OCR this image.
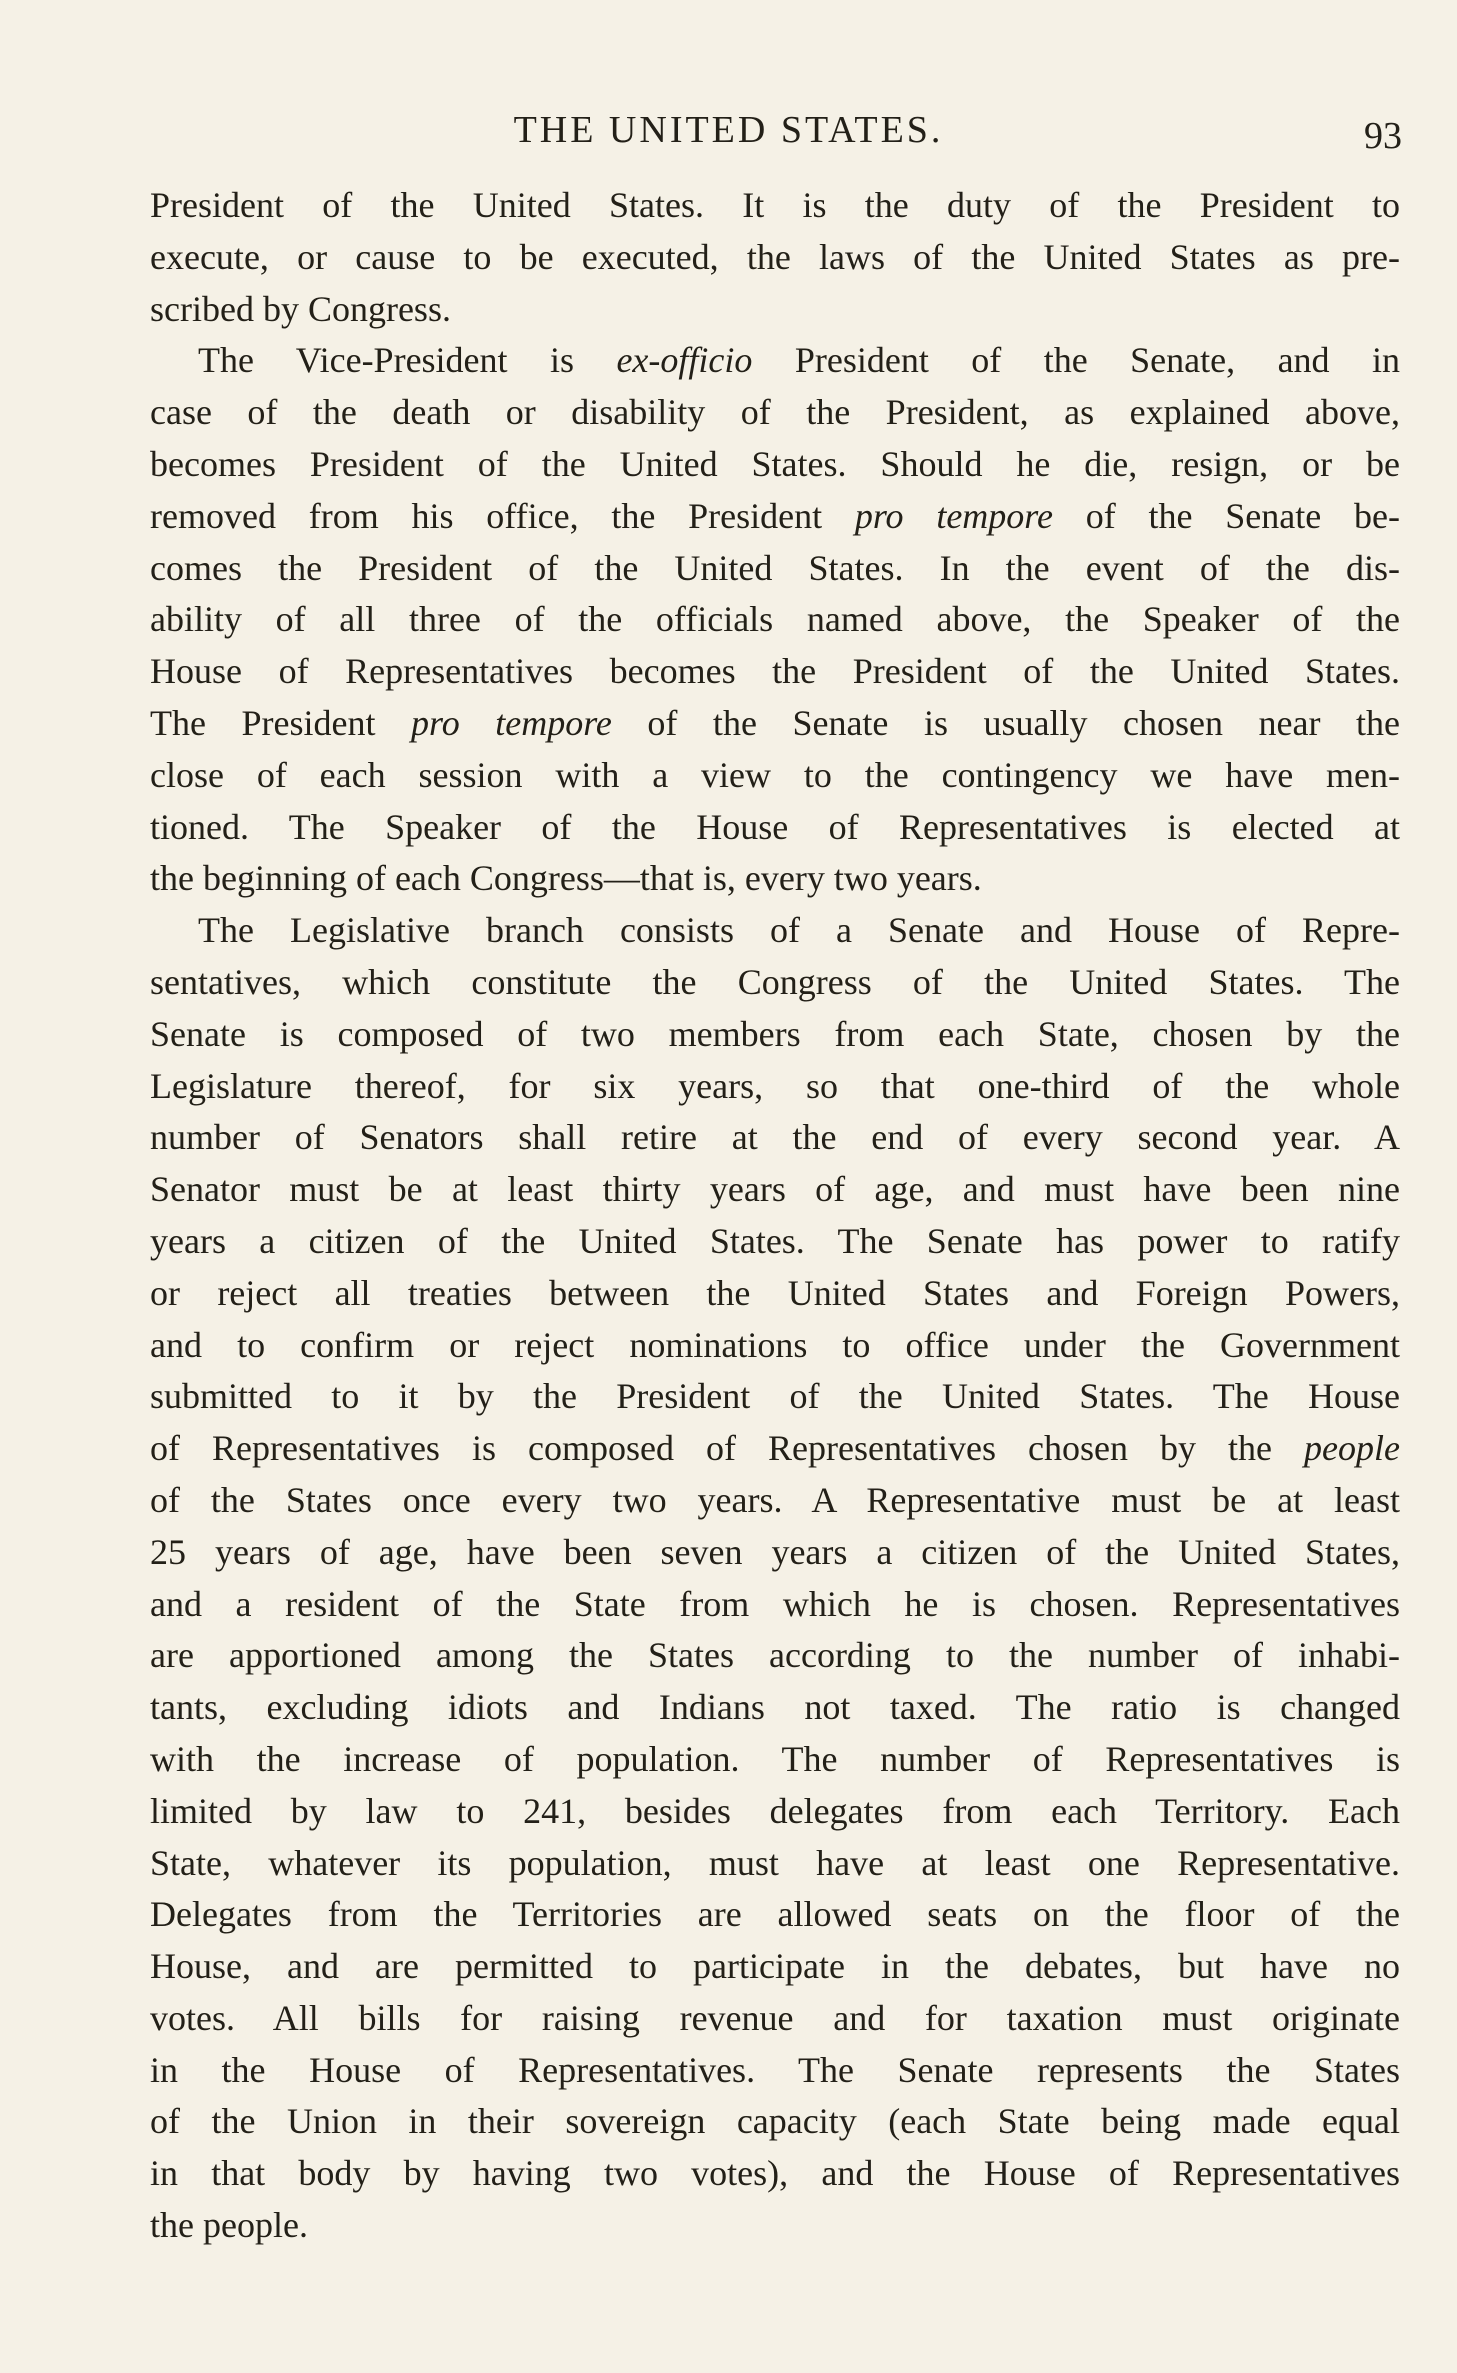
THE UNITED STATES.	93
President of the United States. It is the duty of the President to
execute, or cause to be executed, the laws of the United States as pre-
scribed by Congress.
The Vice-President is ex-officio President of the Senate, and in
case of the death or disability of the President, as explained above,
becomes President of the United States. Should he die, resign, or be
removed from his office, the President pro tempore of the Senate be-
comes the President of the United States. In the event of the dis-
ability of all three of the officials named above, the Speaker of the
House of Representatives becomes the President of the United States.
The President pro tempore of the Senate is usually chosen near the
close of each session with a view to the contingency we have men-
tioned. The Speaker of the House of Representatives is elected at
the beginning of each Congress—that is, every two years.
The Legislative branch consists of a Senate and House of Repre-
sentatives, which constitute the Congress of the United States. The
Senate is composed of two members from each State, chosen by the
Legislature thereof, for six years, so that one-third of the whole
number of Senators shall retire at the end of every second year. A
Senator must be at least thirty years of age, and must have been nine
years a citizen of the United States. The Senate has power to ratify
or reject all treaties between the United States and Foreign Powers,
and to confirm or reject nominations to office under the Government
submitted to it by the President of the United States. The House
of Representatives is composed of Representatives chosen by the people
of the States once every two years. A Representative must be at least
25 years of age, have been seven years a citizen of the United States,
and a resident of the State from which he is chosen. Representatives
are apportioned among the States according to the number of inhabi-
tants, excluding idiots and Indians not taxed. The ratio is changed
with the increase of population. The number of Representatives is
limited by law to 241, besides delegates from each Territory. Each
State, whatever its population, must have at least one Representative.
Delegates from the Territories are allowed seats on the floor of the
House, and are permitted to participate in the debates, but have no
votes. All bills for raising revenue and for taxation must originate
in the House of Representatives. The Senate represents the States
of the Union in their sovereign capacity (each State being made equal
in that body by having two votes), and the House of Representatives
the people.
